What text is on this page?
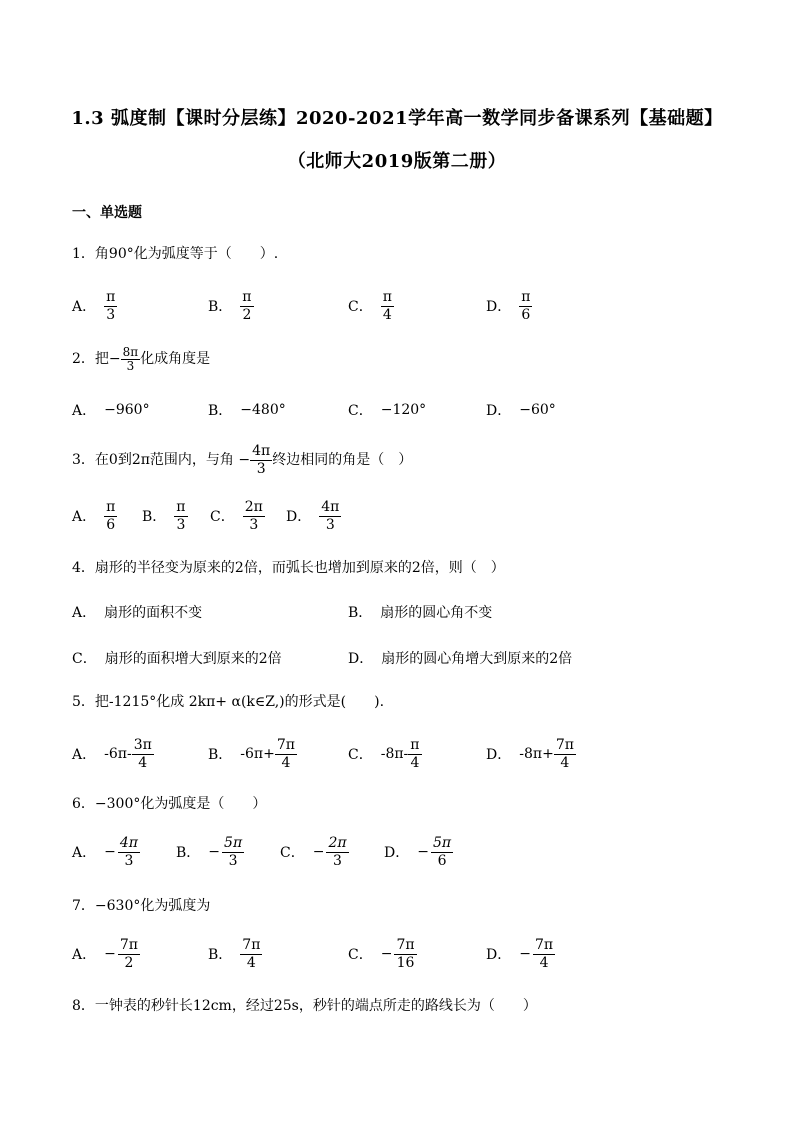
1.3 弧度制【课时分层练】2020-2021学年高一数学同步备课系列【基础题】
（北师大2019版第二册）
一、单选题
1．角90°化为弧度等于（　　）.
A． $\frac{\pi}{3}$	B． $\frac{\pi}{2}$	C． $\frac{\pi}{4}$	D． $\frac{\pi}{6}$
2．把− $\frac{8\pi}{3}$ 化成角度是
A． −960°	B． −480°	C． −120°	D． −60°
3．在0到2π范围内，与角 − $\frac{4\pi}{3}$ 终边相同的角是（　）
A． $\frac{\pi}{6}$ B． $\frac{\pi}{3}$ C． $\frac{2\pi}{3}$ D． $\frac{4\pi}{3}$
4．扇形的半径变为原来的2倍，而弧长也增加到原来的2倍，则（　）
A． 扇形的面积不变	B． 扇形的圆心角不变
C． 扇形的面积增大到原来的2倍	D． 扇形的圆心角增大到原来的2倍
5．把-1215°化成 2kπ+ α(k∈Z,)的形式是(　　).
A． $-6\pi- \frac{3\pi}{4}$	B． $-6\pi+ \frac{7\pi}{4}$	C． $-8\pi- \frac{\pi}{4}$	D． $-8\pi+ \frac{7\pi}{4}$
6．−300°化为弧度是（　　）
A． − $\frac{4\pi}{3}$	B． − $\frac{5\pi}{3}$	C． − $\frac{2\pi}{3}$	D． − $\frac{5\pi}{6}$
7．−630°化为弧度为
A． − $\frac{7\pi}{2}$	B． $\frac{7\pi}{4}$	C． − $\frac{7\pi}{16}$	D． − $\frac{7\pi}{4}$
8．一钟表的秒针长12cm，经过25s，秒针的端点所走的路线长为（　　）
